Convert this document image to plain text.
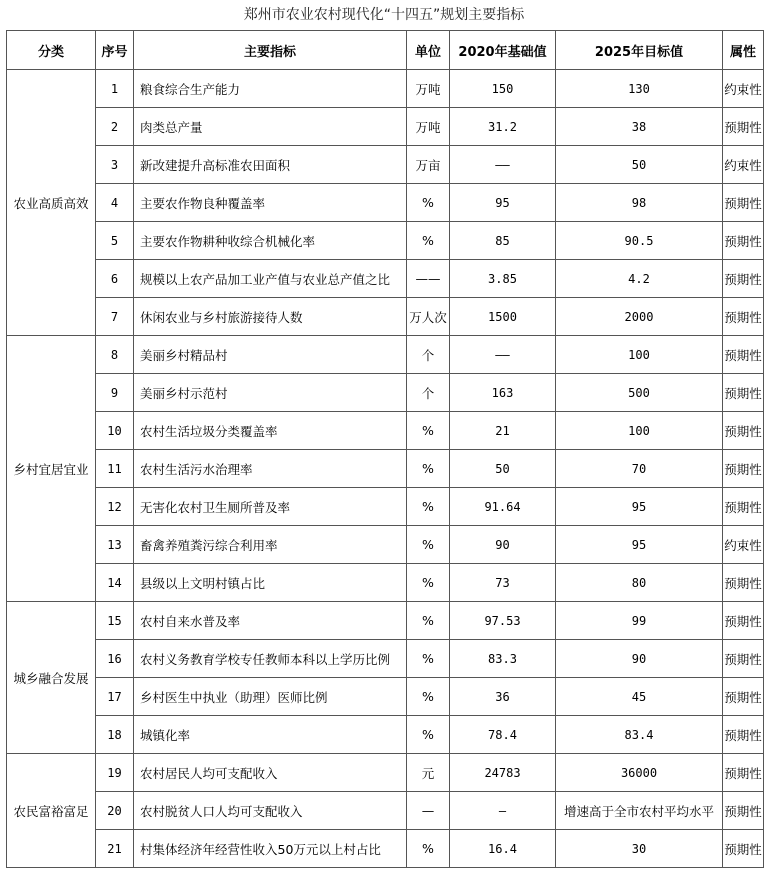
郑州市农业农村现代化“十四五”规划主要指标
分类	序号	主要指标	单位	2020年基础值	2025年目标值	属性
农业高质高效	1	粮食综合生产能力	万吨	150	130	约束性
	2	肉类总产量	万吨	31.2	38	预期性
	3	新改建提升高标准农田面积	万亩	——	50	约束性
	4	主要农作物良种覆盖率	%	95	98	预期性
	5	主要农作物耕种收综合机械化率	%	85	90.5	预期性
	6	规模以上农产品加工业产值与农业总产值之比	——	3.85	4.2	预期性
	7	休闲农业与乡村旅游接待人数	万人次	1500	2000	预期性
乡村宜居宜业	8	美丽乡村精品村	个	——	100	预期性
	9	美丽乡村示范村	个	163	500	预期性
	10	农村生活垃圾分类覆盖率	%	21	100	预期性
	11	农村生活污水治理率	%	50	70	预期性
	12	无害化农村卫生厕所普及率	%	91.64	95	预期性
	13	畜禽养殖粪污综合利用率	%	90	95	约束性
	14	县级以上文明村镇占比	%	73	80	预期性
城乡融合发展	15	农村自来水普及率	%	97.53	99	预期性
	16	农村义务教育学校专任教师本科以上学历比例	%	83.3	90	预期性
	17	乡村医生中执业（助理）医师比例	%	36	45	预期性
	18	城镇化率	%	78.4	83.4	预期性
农民富裕富足	19	农村居民人均可支配收入	元	24783	36000	预期性
	20	农村脱贫人口人均可支配收入	—	—	增速高于全市农村平均水平	预期性
	21	村集体经济年经营性收入50万元以上村占比	%	16.4	30	预期性
